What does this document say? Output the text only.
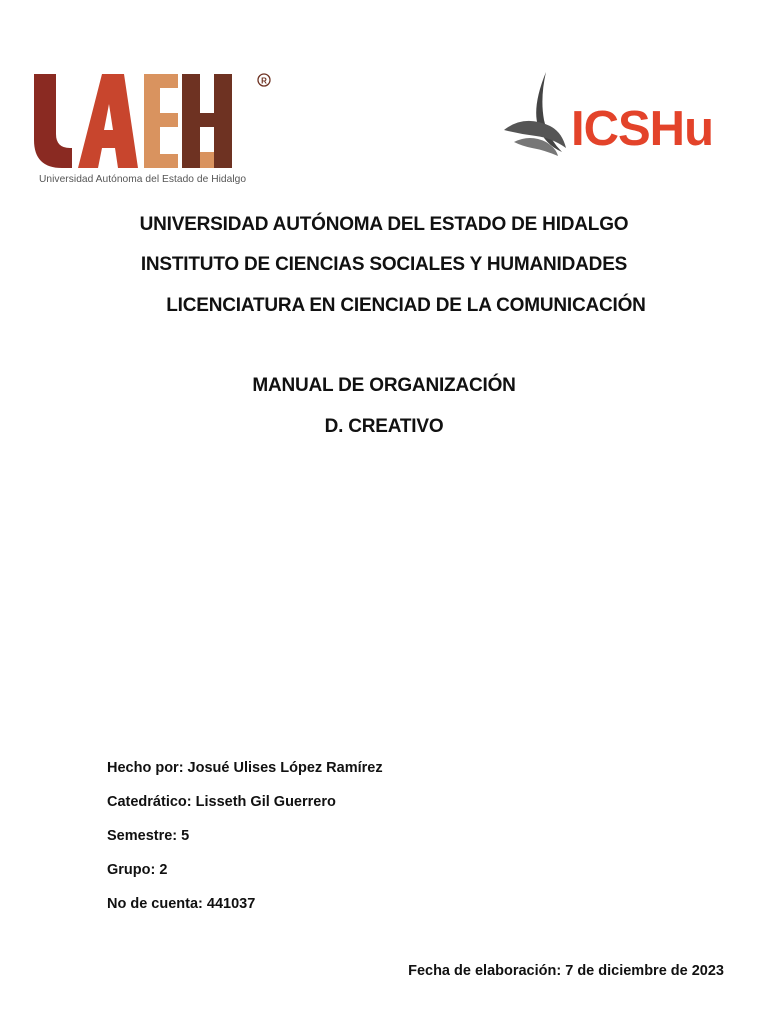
R
Universidad Autónoma del Estado de Hidalgo
ICSHu
UNIVERSIDAD AUTÓNOMA DEL ESTADO DE HIDALGO
INSTITUTO DE CIENCIAS SOCIALES Y HUMANIDADES
LICENCIATURA EN CIENCIAD DE LA COMUNICACIÓN
MANUAL DE ORGANIZACIÓN
D. CREATIVO
Hecho por: Josué Ulises López Ramírez
Catedrático: Lisseth Gil Guerrero
Semestre: 5
Grupo: 2
No de cuenta: 441037
Fecha de elaboración: 7 de diciembre de 2023
